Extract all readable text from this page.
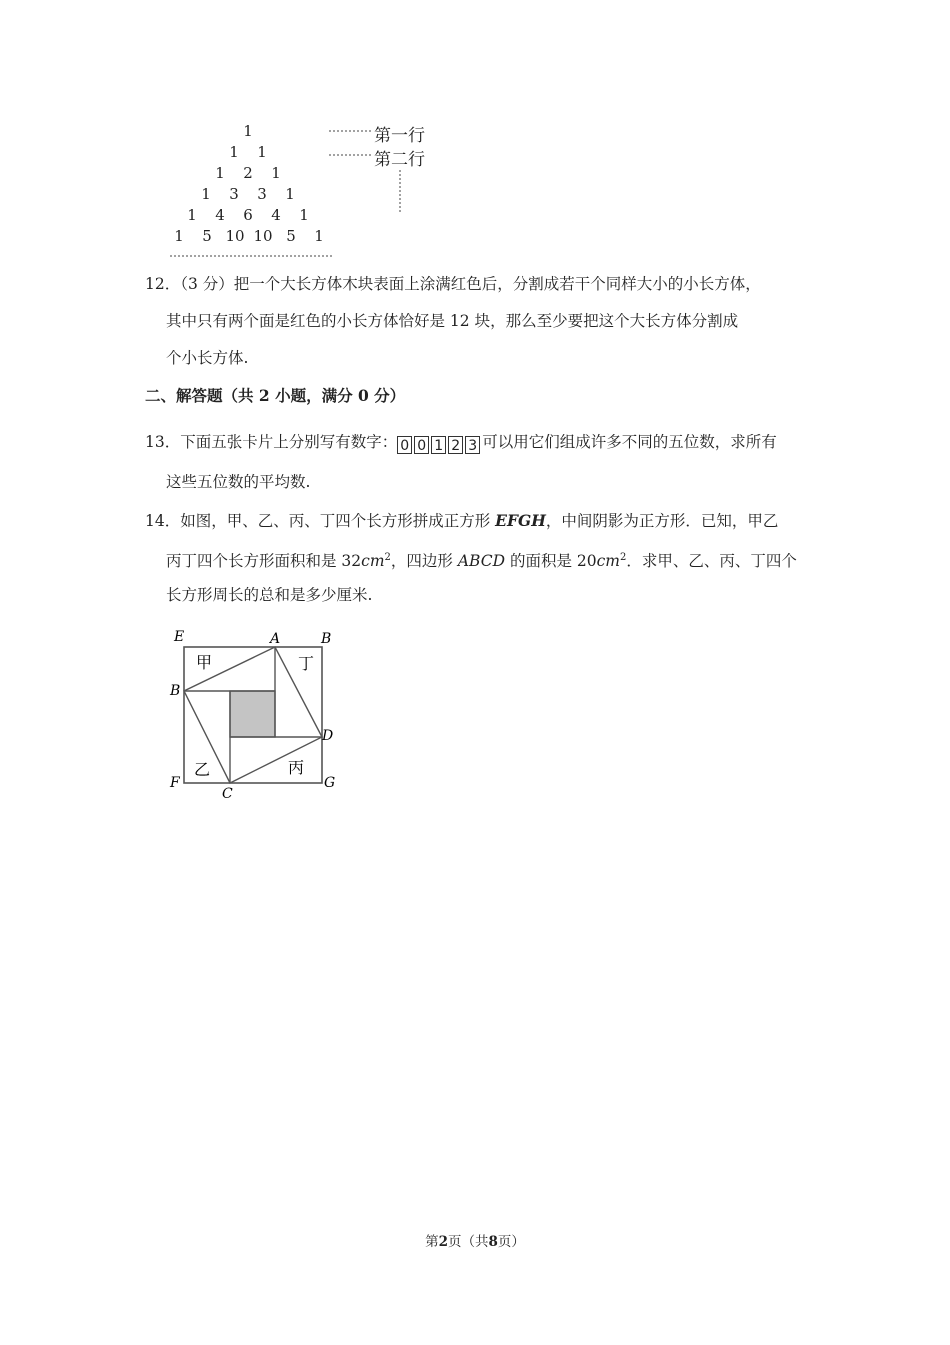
1
1 1
1 2 1
1 3 3 1
1 4 6 4 1
1 5 10 10 5 1
第一行
第二行
12．（3 分）把一个大长方体木块表面上涂满红色后，分割成若干个同样大小的小长方体，
其中只有两个面是红色的小长方体恰好是 12 块，那么至少要把这个大长方体分割成
个小长方体.
二、解答题（共 2 小题，满分 0 分）
13．下面五张卡片上分别写有数字： 0 0 1 2 3 可以用它们组成许多不同的五位数，求所有
这些五位数的平均数.
14．如图，甲、乙、丙、丁四个长方形拼成正方形 EFGH，中间阴影为正方形．已知，甲乙
丙丁四个长方形面积和是 $32cm^2$，四边形 ABCD 的面积是 $20cm^2$．求甲、乙、丙、丁四个
长方形周长的总和是多少厘米.
E	A	B
B
D
F
C
G
甲	丁
乙	丙
第2页（共8页）
